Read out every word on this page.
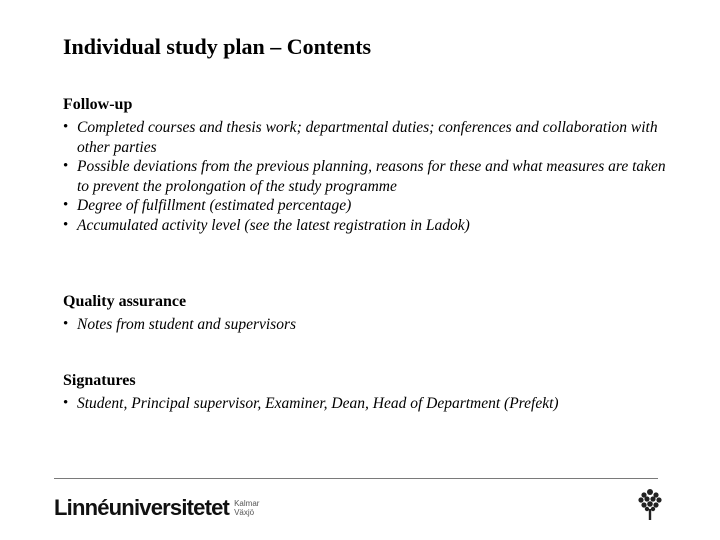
Individual study plan – Contents
Follow-up
• Completed courses and thesis work; departmental duties; conferences and collaboration with other parties
• Possible deviations from the previous planning, reasons for these and what measures are taken to prevent the prolongation of the study programme
• Degree of fulfillment (estimated percentage)
• Accumulated activity level (see the latest registration in Ladok)
Quality assurance
• Notes from student and supervisors
Signatures
• Student, Principal supervisor, Examiner, Dean, Head of Department (Prefekt)
Linnéuniversitetet Kalmar
Växjö
